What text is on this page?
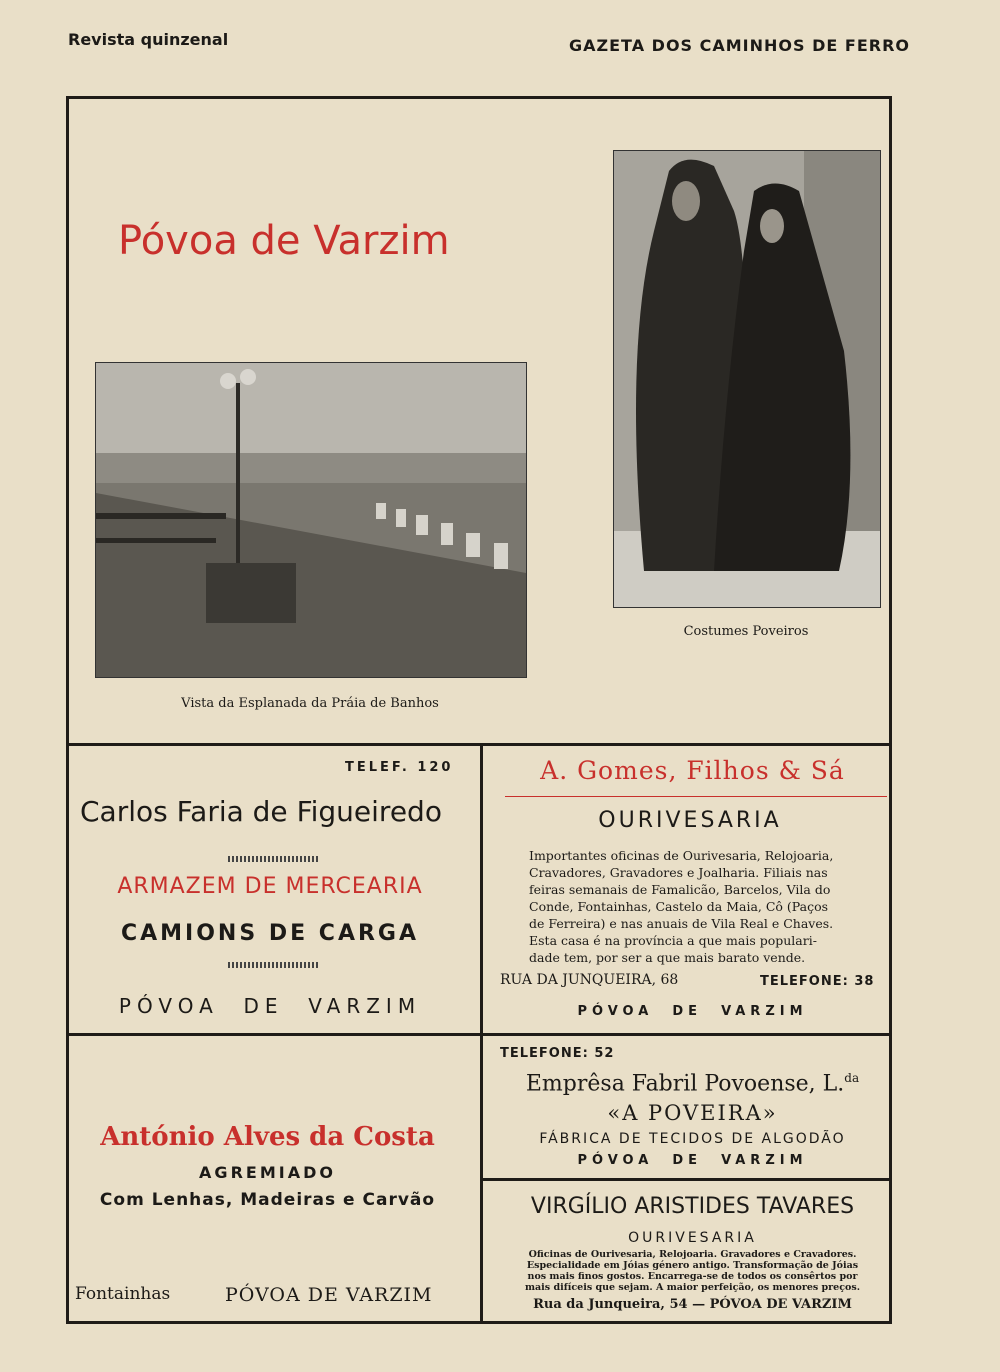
Revista quinzenal	GAZETA DOS CAMINHOS DE FERRO
Póvoa de Varzim
Vista da Esplanada da Práia de Banhos
Costumes Poveiros
TELEF. 120
Carlos Faria de Figueiredo
ARMAZEM DE MERCEARIA
CAMIONS DE CARGA
PÓVOA  DE  VARZIM
A. Gomes, Filhos & Sá
OURIVESARIA
Importantes oficinas de Ourivesaria, Relojoaria,
Cravadores, Gravadores e Joalharia. Filiais nas
feiras semanais de Famalicão, Barcelos, Vila do
Conde, Fontainhas, Castelo da Maia, Cô (Paços
de Ferreira) e nas anuais de Vila Real e Chaves.
Esta casa é na província a que mais populari-
dade tem, por ser a que mais barato vende.
RUA DA JUNQUEIRA, 68	TELEFONE: 38
PÓVOA  DE  VARZIM
António Alves da Costa
AGREMIADO
Com Lenhas, Madeiras e Carvão
Fontainhas	PÓVOA DE VARZIM
TELEFONE: 52
Emprêsa Fabril Povoense, L.$^{da}$
«A POVEIRA»
FÁBRICA DE TECIDOS DE ALGODÃO
PÓVOA  DE  VARZIM
VIRGÍLIO ARISTIDES TAVARES
OURIVESARIA
Oficinas de Ourivesaria, Relojoaria. Gravadores e Cravadores.
Especialidade em Jóias género antigo. Transformação de Jóias
nos mais finos gostos. Encarrega-se de todos os consêrtos por
mais difíceis que sejam. A maior perfeição, os menores preços.
Rua da Junqueira, 54 — PÓVOA DE VARZIM
